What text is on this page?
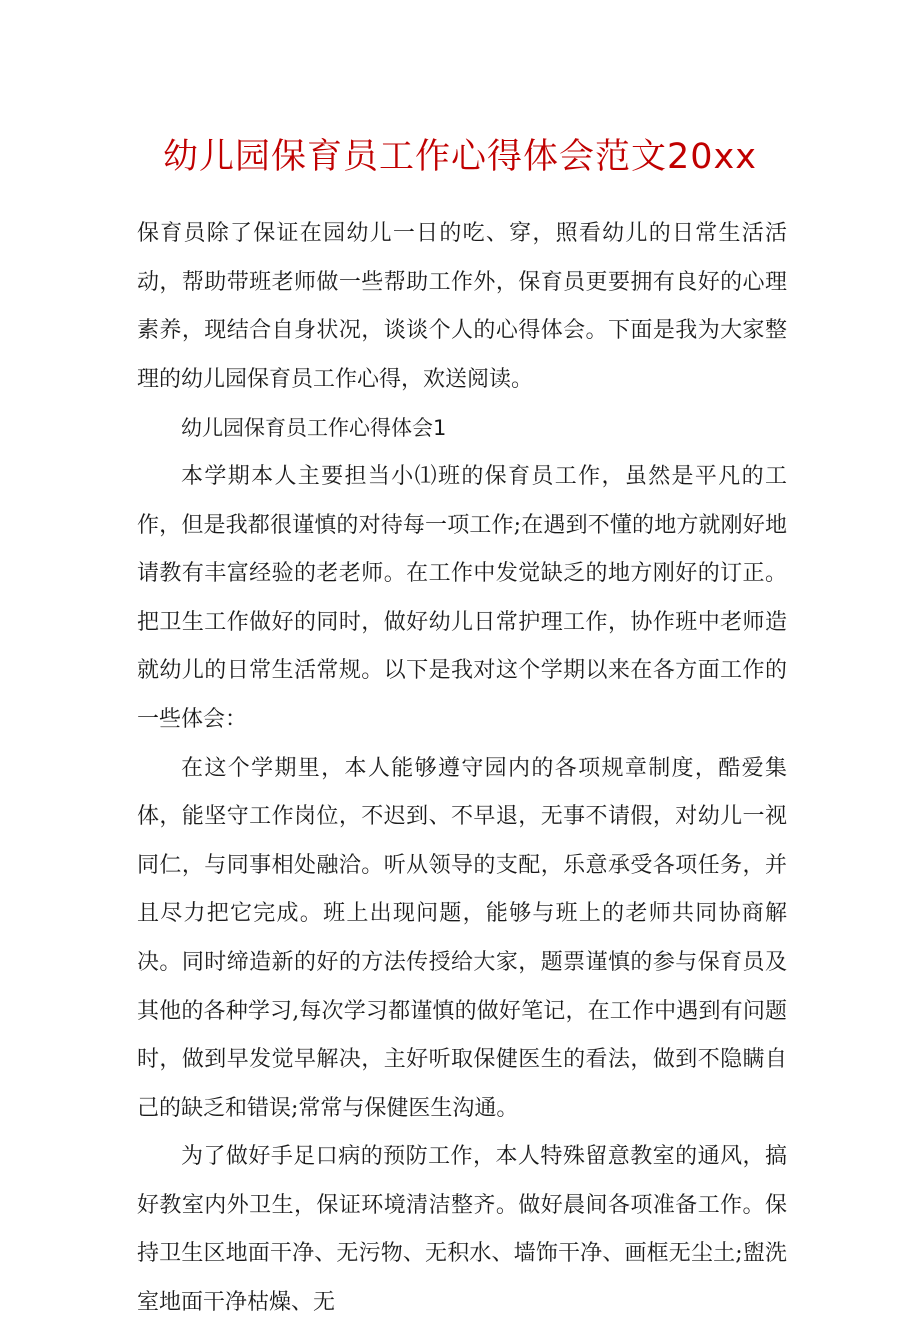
幼儿园保育员工作心得体会范文20xx

保育员除了保证在园幼儿一日的吃、穿，照看幼儿的日常生活活动，帮助带班老师做一些帮助工作外，保育员更要拥有良好的心理素养，现结合自身状况，谈谈个人的心得体会。下面是我为大家整理的幼儿园保育员工作心得，欢送阅读。

幼儿园保育员工作心得体会1

本学期本人主要担当小⑴班的保育员工作，虽然是平凡的工作，但是我都很谨慎的对待每一项工作;在遇到不懂的地方就刚好地请教有丰富经验的老老师。在工作中发觉缺乏的地方刚好的订正。把卫生工作做好的同时，做好幼儿日常护理工作，协作班中老师造就幼儿的日常生活常规。以下是我对这个学期以来在各方面工作的一些体会：

在这个学期里，本人能够遵守园内的各项规章制度，酷爱集体，能坚守工作岗位，不迟到、不早退，无事不请假，对幼儿一视同仁，与同事相处融洽。听从领导的支配，乐意承受各项任务，并且尽力把它完成。班上出现问题，能够与班上的老师共同协商解决。同时缔造新的好的方法传授给大家，题票谨慎的参与保育员及其他的各种学习,每次学习都谨慎的做好笔记，在工作中遇到有问题时，做到早发觉早解决，主好听取保健医生的看法，做到不隐瞒自己的缺乏和错误;常常与保健医生沟通。

为了做好手足口病的预防工作，本人特殊留意教室的通风，搞好教室内外卫生，保证环境清洁整齐。做好晨间各项准备工作。保持卫生区地面干净、无污物、无积水、墙饰干净、画框无尘土;盥洗室地面干净枯燥、无
